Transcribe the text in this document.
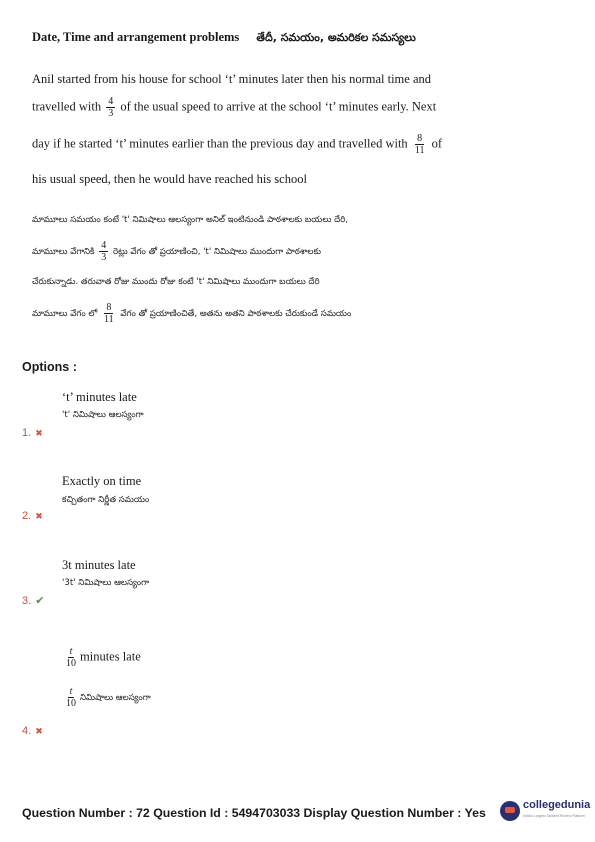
Date, Time and arrangement problems తేదీ, సమయం, అమరికల సమస్యలు
Anil started from his house for school ‘t’ minutes later then his normal time and
travelled with $\frac{4}{3}$ of the usual speed to arrive at the school ‘t’ minutes early. Next
day if he started ‘t’ minutes earlier than the previous day and travelled with $\frac{8}{11}$ of
his usual speed, then he would have reached his school
మామూలు సమయం కంటే 't' నిమిషాలు ఆలస్యంగా అనిల్ ఇంటినుండి పాఠశాలకు బయలు దేరి,
మామూలు వేగానికి $\frac{4}{3}$ రెట్లు వేగం తో ప్రయాణించి, 't' నిమిషాలు ముందుగా పాఠశాలకు
చేరుకున్నాడు. తరువాత రోజు ముందు రోజు కంటే 't' నిమిషాలు ముందుగా బయలు దేరి
మామూలు వేగం లో $\frac{8}{11}$ వేగం తో ప్రయాణించితే, అతను అతని పాఠశాలకు చేరుకుండే సమయం
Options :
‘t’ minutes late
't' నిమిషాలు ఆలస్యంగా
1. ✖
Exactly on time
కచ్చితంగా నిర్ణీత సమయం
2. ✖
3t minutes late
'3t' నిమిషాలు ఆలస్యంగా
3. ✔
$\frac{t}{10}$ minutes late
$\frac{t}{10}$ నిమిషాలు ఆలస్యంగా
4. ✖
Question Number : 72 Question Id : 5494703033 Display Question Number : Yes
collegedunia
India's Largest Student Review Platform
